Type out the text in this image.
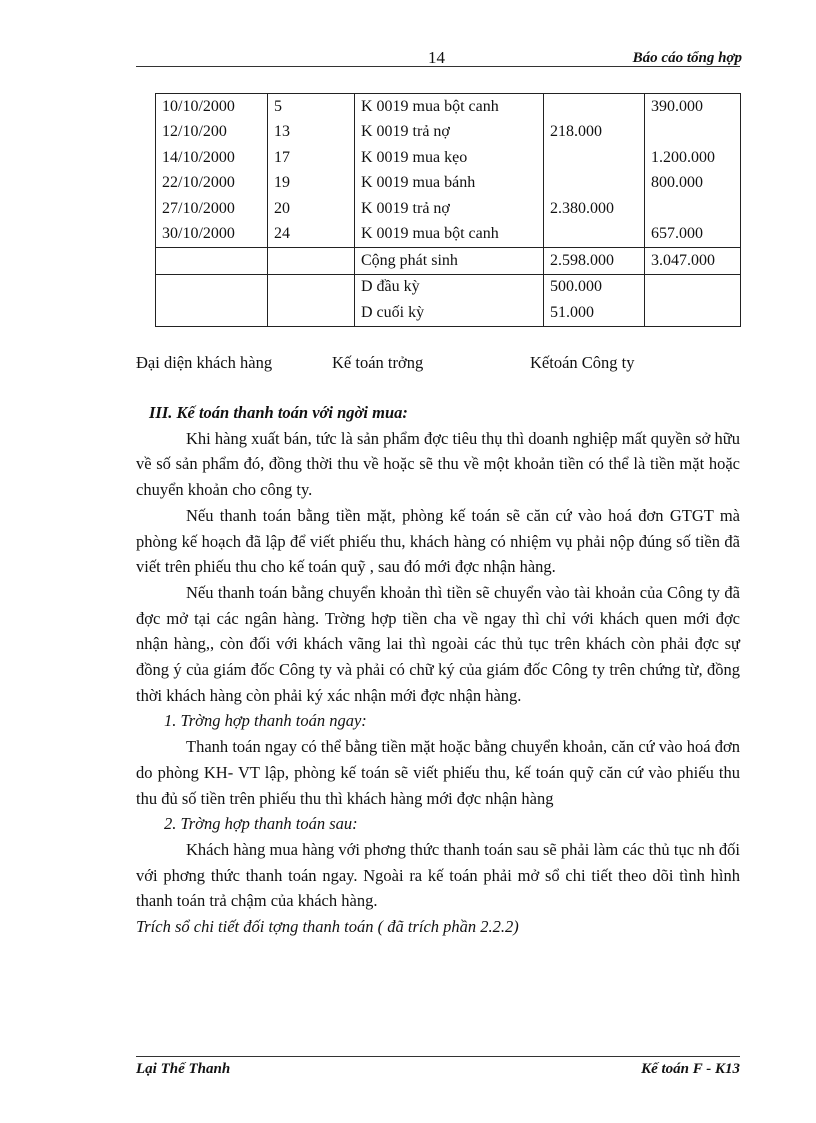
14	Báo cáo tổng hợp
10/10/2000	5	K 0019 mua bột canh		390.000
12/10/200	13	K 0019 trả nợ	218.000	
14/10/2000	17	K 0019 mua kẹo		1.200.000
22/10/2000	19	K 0019 mua bánh		800.000
27/10/2000	20	K 0019 trả nợ	2.380.000	
30/10/2000	24	K 0019 mua bột canh		657.000
		Cộng phát sinh	2.598.000	3.047.000
		D đầu kỳ	500.000	
		D cuối kỳ	51.000	
Đại diện khách hàng	Kế toán trởng	Kếtoán Công ty

III. Kế toán thanh toán với ngời mua:

Khi hàng xuất bán, tức là sản phẩm đợc tiêu thụ thì doanh nghiệp mất quyền sở hữu về số sản phẩm đó, đồng thời thu về hoặc sẽ thu về một khoản tiền có thể là tiền mặt hoặc chuyển khoản cho công ty.

Nếu thanh toán bằng tiền mặt, phòng kế toán sẽ căn cứ vào hoá đơn GTGT mà phòng kế hoạch đã lập để viết phiếu thu, khách hàng có nhiệm vụ phải nộp đúng số tiền đã viết trên phiếu thu cho kế toán quỹ , sau đó mới đợc nhận hàng.

Nếu thanh toán bằng chuyển khoản thì tiền sẽ chuyển vào tài khoản của Công ty đã đợc mở tại các ngân hàng. Trờng hợp tiền cha về ngay thì chỉ với khách quen mới đợc nhận hàng,, còn đối với khách vãng lai thì ngoài các thủ tục trên khách còn phải đợc sự đồng ý của giám đốc Công ty và phải có chữ ký của giám đốc Công ty trên chứng từ, đồng thời khách hàng còn phải ký xác nhận mới đợc nhận hàng.

1. Trờng hợp thanh toán ngay:

Thanh toán ngay có thể bằng tiền mặt hoặc bằng chuyển khoản, căn cứ vào hoá đơn do phòng KH- VT lập, phòng kế toán sẽ viết phiếu thu, kế toán quỹ căn cứ vào phiếu thu thu đủ số tiền trên phiếu thu thì khách hàng mới đợc nhận hàng

2. Trờng hợp thanh toán sau:

Khách hàng mua hàng với phơng thức thanh toán sau sẽ phải làm các thủ tục nh đối với phơng thức thanh toán ngay. Ngoài ra kế toán phải mở sổ chi tiết theo dõi tình hình thanh toán trả chậm của khách hàng.

Trích sổ chi tiết đối tợng thanh toán ( đã trích phần 2.2.2)

Lại Thế Thanh	Kế toán F - K13
